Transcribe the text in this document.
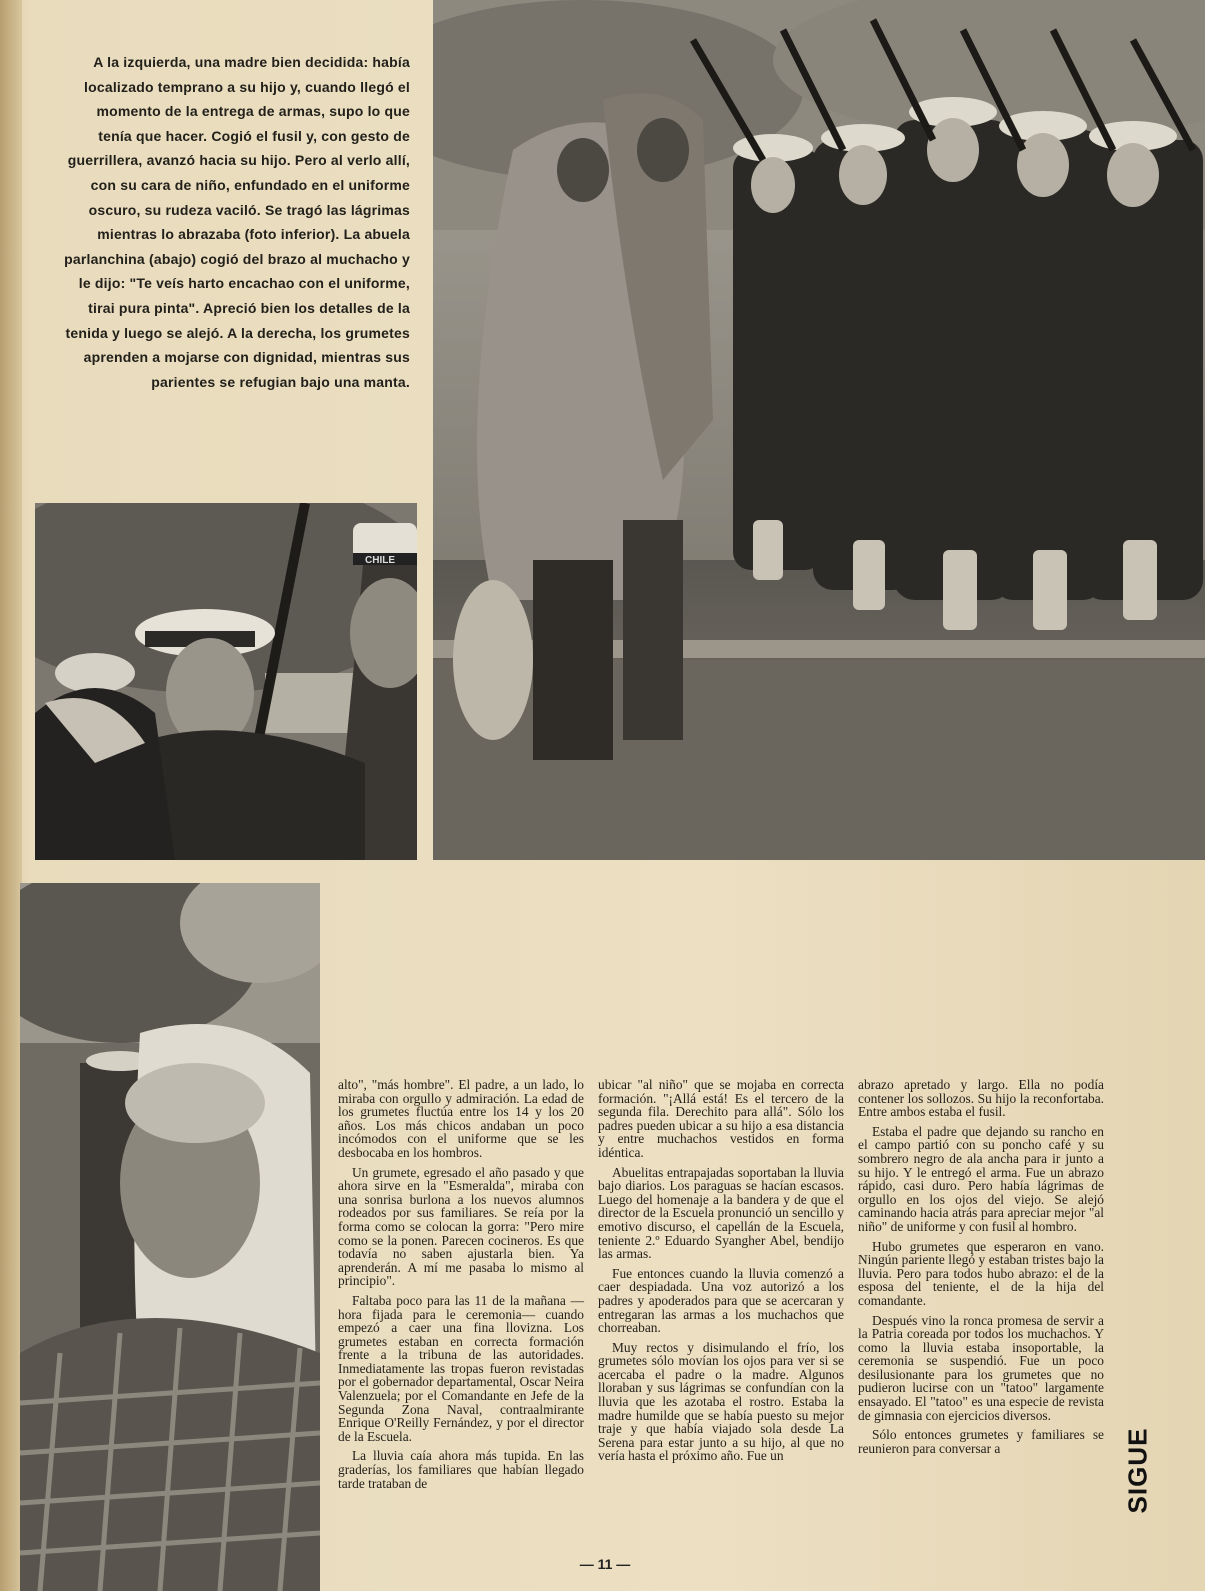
A la izquierda, una madre bien decidida: había localizado temprano a su hijo y, cuando llegó el momento de la entrega de armas, supo lo que tenía que hacer. Cogió el fusil y, con gesto de guerrillera, avanzó hacia su hijo. Pero al verlo allí, con su cara de niño, enfundado en el uniforme oscuro, su rudeza vaciló. Se tragó las lágrimas mientras lo abrazaba (foto inferior). La abuela parlanchina (abajo) cogió del brazo al muchacho y le dijo: "Te veís harto encachao con el uniforme, tirai pura pinta". Apreció bien los detalles de la tenida y luego se alejó. A la derecha, los grumetes aprenden a mojarse con dignidad, mientras sus parientes se refugian bajo una manta.
CHILE

alto", "más hombre". El padre, a un lado, lo miraba con orgullo y admiración. La edad de los grumetes fluctúa entre los 14 y los 20 años. Los más chicos andaban un poco incómodos con el uniforme que se les desbocaba en los hombros.

Un grumete, egresado el año pasado y que ahora sirve en la "Esmeralda", miraba con una sonrisa burlona a los nuevos alumnos rodeados por sus familiares. Se reía por la forma como se colocan la gorra: "Pero mire como se la ponen. Parecen cocineros. Es que todavía no saben ajustarla bien. Ya aprenderán. A mí me pasaba lo mismo al principio".

Faltaba poco para las 11 de la mañana —hora fijada para le ceremonia— cuando empezó a caer una fina llovizna. Los grumetes estaban en correcta formación frente a la tribuna de las autoridades. Inmediatamente las tropas fueron revistadas por el gobernador departamental, Oscar Neira Valenzuela; por el Comandante en Jefe de la Segunda Zona Naval, contraalmirante Enrique O'Reilly Fernández, y por el director de la Escuela.

La lluvia caía ahora más tupida. En las graderías, los familiares que habían llegado tarde trataban de

ubicar "al niño" que se mojaba en correcta formación. "¡Allá está! Es el tercero de la segunda fila. Derechito para allá". Sólo los padres pueden ubicar a su hijo a esa distancia y entre muchachos vestidos en forma idéntica.

Abuelitas entrapajadas soportaban la lluvia bajo diarios. Los paraguas se hacían escasos. Luego del homenaje a la bandera y de que el director de la Escuela pronunció un sencillo y emotivo discurso, el capellán de la Escuela, teniente 2.º Eduardo Syangher Abel, bendijo las armas.

Fue entonces cuando la lluvia comenzó a caer despiadada. Una voz autorizó a los padres y apoderados para que se acercaran y entregaran las armas a los muchachos que chorreaban.

Muy rectos y disimulando el frío, los grumetes sólo movían los ojos para ver si se acercaba el padre o la madre. Algunos lloraban y sus lágrimas se confundían con la lluvia que les azotaba el rostro. Estaba la madre humilde que se había puesto su mejor traje y que había viajado sola desde La Serena para estar junto a su hijo, al que no vería hasta el próximo año. Fue un

abrazo apretado y largo. Ella no podía contener los sollozos. Su hijo la reconfortaba. Entre ambos estaba el fusil.

Estaba el padre que dejando su rancho en el campo partió con su poncho café y su sombrero negro de ala ancha para ir junto a su hijo. Y le entregó el arma. Fue un abrazo rápido, casi duro. Pero había lágrimas de orgullo en los ojos del viejo. Se alejó caminando hacia atrás para apreciar mejor "al niño" de uniforme y con fusil al hombro.

Hubo grumetes que esperaron en vano. Ningún pariente llegó y estaban tristes bajo la lluvia. Pero para todos hubo abrazo: el de la esposa del teniente, el de la hija del comandante.

Después vino la ronca promesa de servir a la Patria coreada por todos los muchachos. Y como la lluvia estaba insoportable, la ceremonia se suspendió. Fue un poco desilusionante para los grumetes que no pudieron lucirse con un "tatoo" largamente ensayado. El "tatoo" es una especie de revista de gimnasia con ejercicios diversos.

Sólo entonces grumetes y familiares se reunieron para conversar a	SIGUE
— 11 —
